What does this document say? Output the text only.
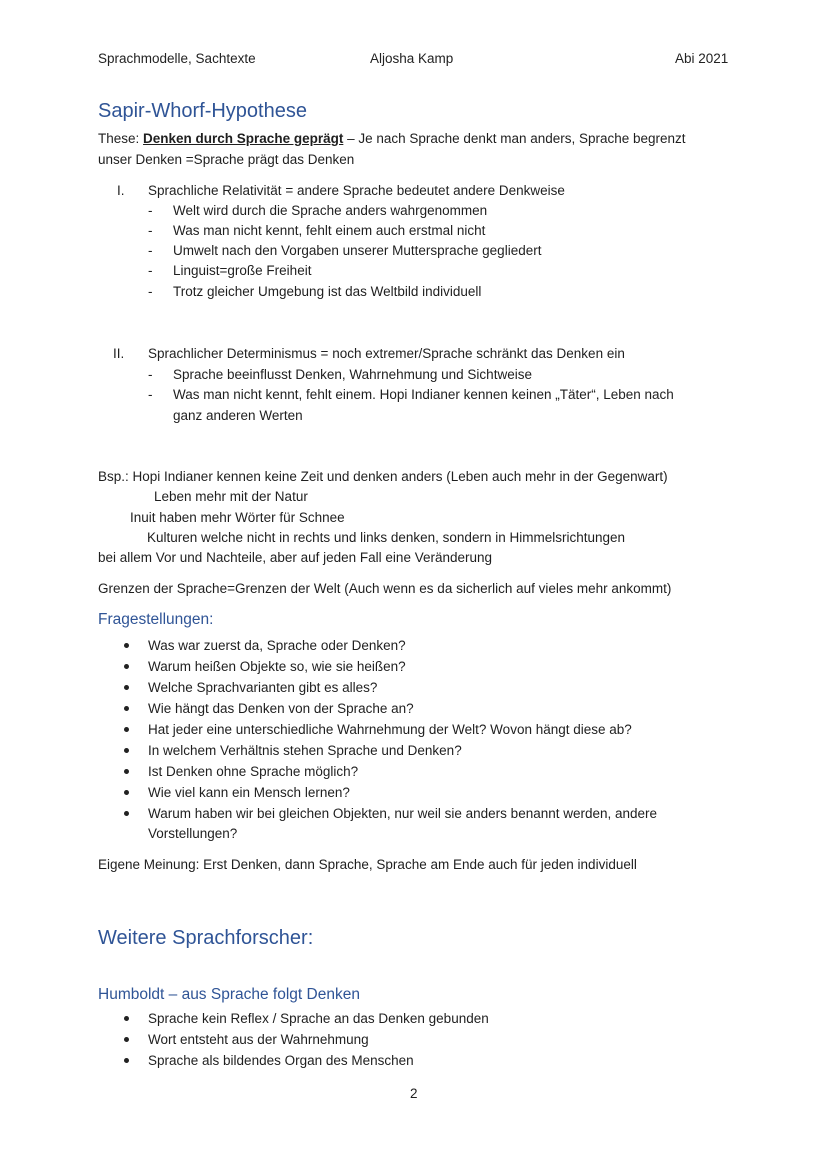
Sprachmodelle, Sachtexte	Aljosha Kamp	Abi 2021
Sapir-Whorf-Hypothese
These: Denken durch Sprache geprägt – Je nach Sprache denkt man anders, Sprache begrenzt
unser Denken =Sprache prägt das Denken
I. Sprachliche Relativität = andere Sprache bedeutet andere Denkweise
- Welt wird durch die Sprache anders wahrgenommen
- Was man nicht kennt, fehlt einem auch erstmal nicht
- Umwelt nach den Vorgaben unserer Muttersprache gegliedert
- Linguist=große Freiheit
- Trotz gleicher Umgebung ist das Weltbild individuell
II. Sprachlicher Determinismus = noch extremer/Sprache schränkt das Denken ein
- Sprache beeinflusst Denken, Wahrnehmung und Sichtweise
- Was man nicht kennt, fehlt einem. Hopi Indianer kennen keinen „Täter“, Leben nach
ganz anderen Werten
Bsp.: Hopi Indianer kennen keine Zeit und denken anders (Leben auch mehr in der Gegenwart)
Leben mehr mit der Natur
Inuit haben mehr Wörter für Schnee
Kulturen welche nicht in rechts und links denken, sondern in Himmelsrichtungen
bei allem Vor und Nachteile, aber auf jeden Fall eine Veränderung
Grenzen der Sprache=Grenzen der Welt (Auch wenn es da sicherlich auf vieles mehr ankommt)
Fragestellungen:
Was war zuerst da, Sprache oder Denken?
Warum heißen Objekte so, wie sie heißen?
Welche Sprachvarianten gibt es alles?
Wie hängt das Denken von der Sprache an?
Hat jeder eine unterschiedliche Wahrnehmung der Welt? Wovon hängt diese ab?
In welchem Verhältnis stehen Sprache und Denken?
Ist Denken ohne Sprache möglich?
Wie viel kann ein Mensch lernen?
Warum haben wir bei gleichen Objekten, nur weil sie anders benannt werden, andere
Vorstellungen?
Eigene Meinung: Erst Denken, dann Sprache, Sprache am Ende auch für jeden individuell
Weitere Sprachforscher:
Humboldt – aus Sprache folgt Denken
Sprache kein Reflex / Sprache an das Denken gebunden
Wort entsteht aus der Wahrnehmung
Sprache als bildendes Organ des Menschen
2
